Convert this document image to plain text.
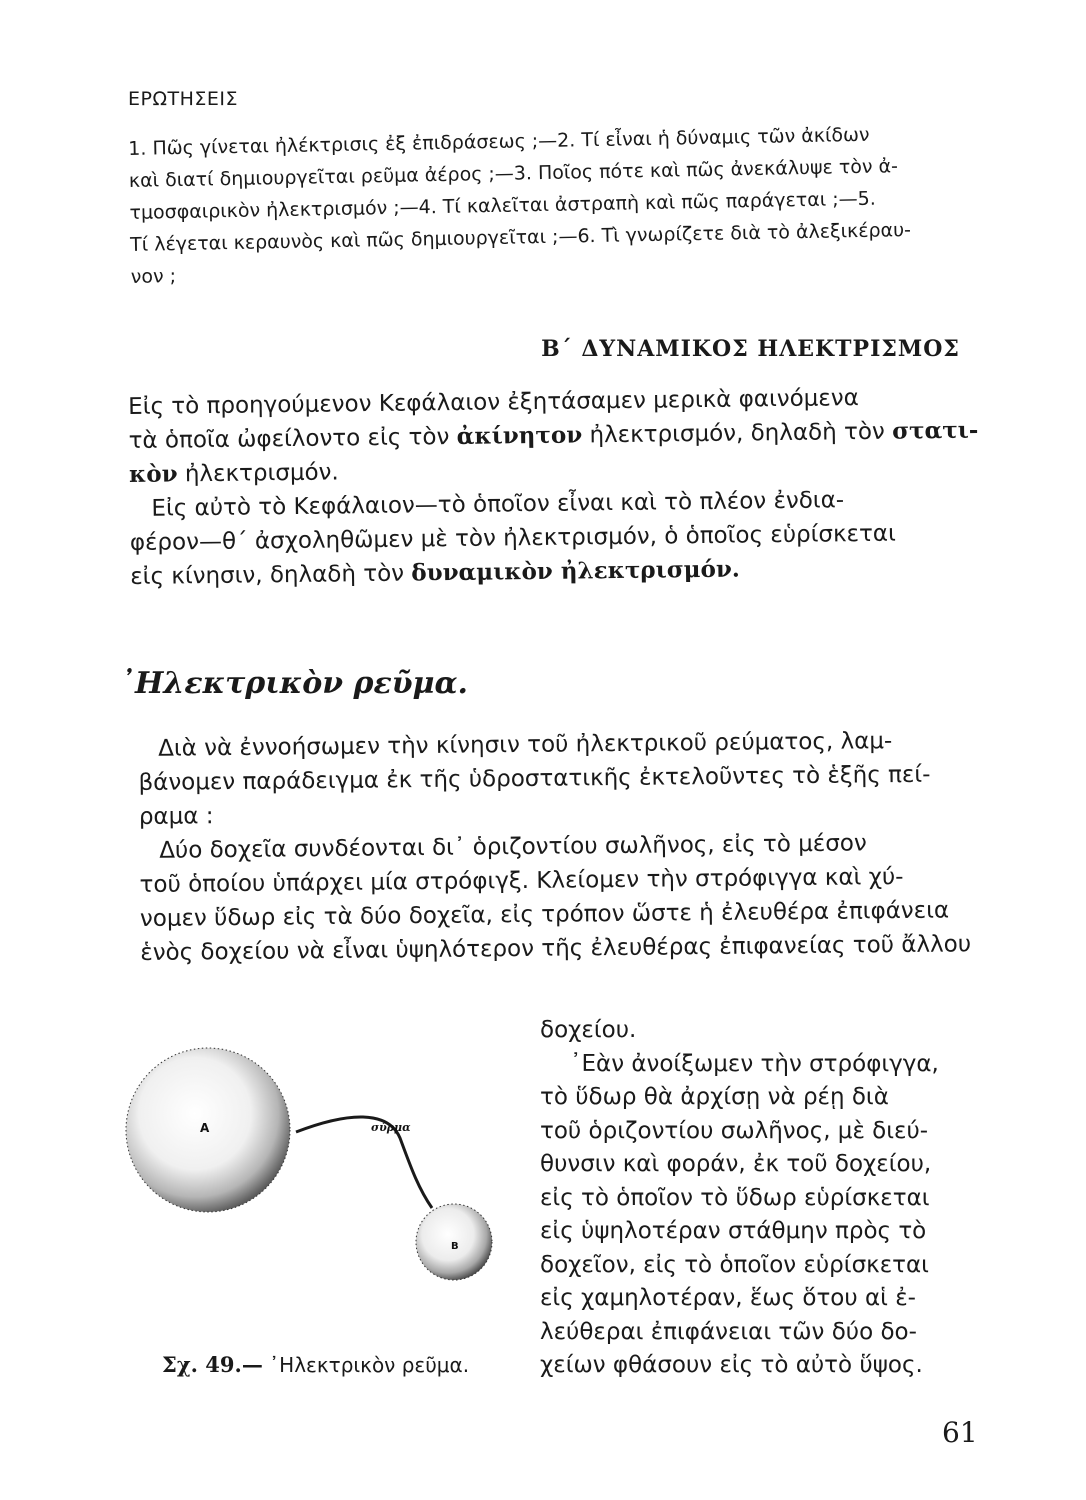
ΕΡΩΤΗΣΕΙΣ
1. Πῶς γίνεται ἠλέκτρισις ἐξ ἐπιδράσεως ;—2. Τί εἶναι ἡ δύναμις τῶν ἀκίδων
καὶ διατί δημιουργεῖται ρεῦμα ἀέρος ;—3. Ποῖος πότε καὶ πῶς ἀνεκάλυψε τὸν ἀ-
τμοσφαιρικὸν ἠλεκτρισμόν ;—4. Τί καλεῖται ἀστραπὴ καὶ πῶς παράγεται ;—5.
Τί λέγεται κεραυνὸς καὶ πῶς δημιουργεῖται ;—6. Τὶ γνωρίζετε διὰ τὸ ἀλεξικέραυ-
νον ;
Β΄ ΔΥΝΑΜΙΚΟΣ ΗΛΕΚΤΡΙΣΜΟΣ
Εἰς τὸ προηγούμενον Κεφάλαιον ἐξητάσαμεν μερικὰ φαινόμενα
τὰ ὁποῖα ὠφείλοντο εἰς τὸν ἀκίνητον ἠλεκτρισμόν, δηλαδὴ τὸν στατι-
κὸν ἠλεκτρισμόν.
Εἰς αὐτὸ τὸ Κεφάλαιον—τὸ ὁποῖον εἶναι καὶ τὸ πλέον ἐνδια-
φέρον—θ΄ ἀσχοληθῶμεν μὲ τὸν ἠλεκτρισμόν, ὁ ὁποῖος εὑρίσκεται
εἰς κίνησιν, δηλαδὴ τὸν δυναμικὸν ἠλεκτρισμόν.
᾿Ηλεκτρικὸν ρεῦμα.
Διὰ νὰ ἐννοήσωμεν τὴν κίνησιν τοῦ ἠλεκτρικοῦ ρεύματος, λαμ-
βάνομεν παράδειγμα ἐκ τῆς ὑδροστατικῆς ἐκτελοῦντες τὸ ἑξῆς πεί-
ραμα :
Δύο δοχεῖα συνδέονται δι᾿ ὁριζοντίου σωλῆνος, εἰς τὸ μέσον
τοῦ ὁποίου ὑπάρχει μία στρόφιγξ. Κλείομεν τὴν στρόφιγγα καὶ χύ-
νομεν ὕδωρ εἰς τὰ δύο δοχεῖα, εἰς τρόπον ὥστε ἡ ἐλευθέρα ἐπιφάνεια
ἑνὸς δοχείου νὰ εἶναι ὑψηλότερον τῆς ἐλευθέρας ἐπιφανείας τοῦ ἄλλου
δοχείου.
᾿Εὰν ἀνοίξωμεν τὴν στρόφιγγα,
τὸ ὕδωρ θὰ ἀρχίσῃ νὰ ρέῃ διὰ
τοῦ ὁριζοντίου σωλῆνος, μὲ διεύ-
θυνσιν καὶ φοράν, ἐκ τοῦ δοχείου,
εἰς τὸ ὁποῖον τὸ ὕδωρ εὑρίσκεται
εἰς ὑψηλοτέραν στάθμην πρὸς τὸ
δοχεῖον, εἰς τὸ ὁποῖον εὑρίσκεται
εἰς χαμηλοτέραν, ἕως ὅτου αἱ ἐ-
λεύθεραι ἐπιφάνειαι τῶν δύο δο-
χείων φθάσουν εἰς τὸ αὐτὸ ὕψος.
Α
Β
σύρμα
Σχ. 49.— ᾿Ηλεκτρικὸν ρεῦμα.
61
